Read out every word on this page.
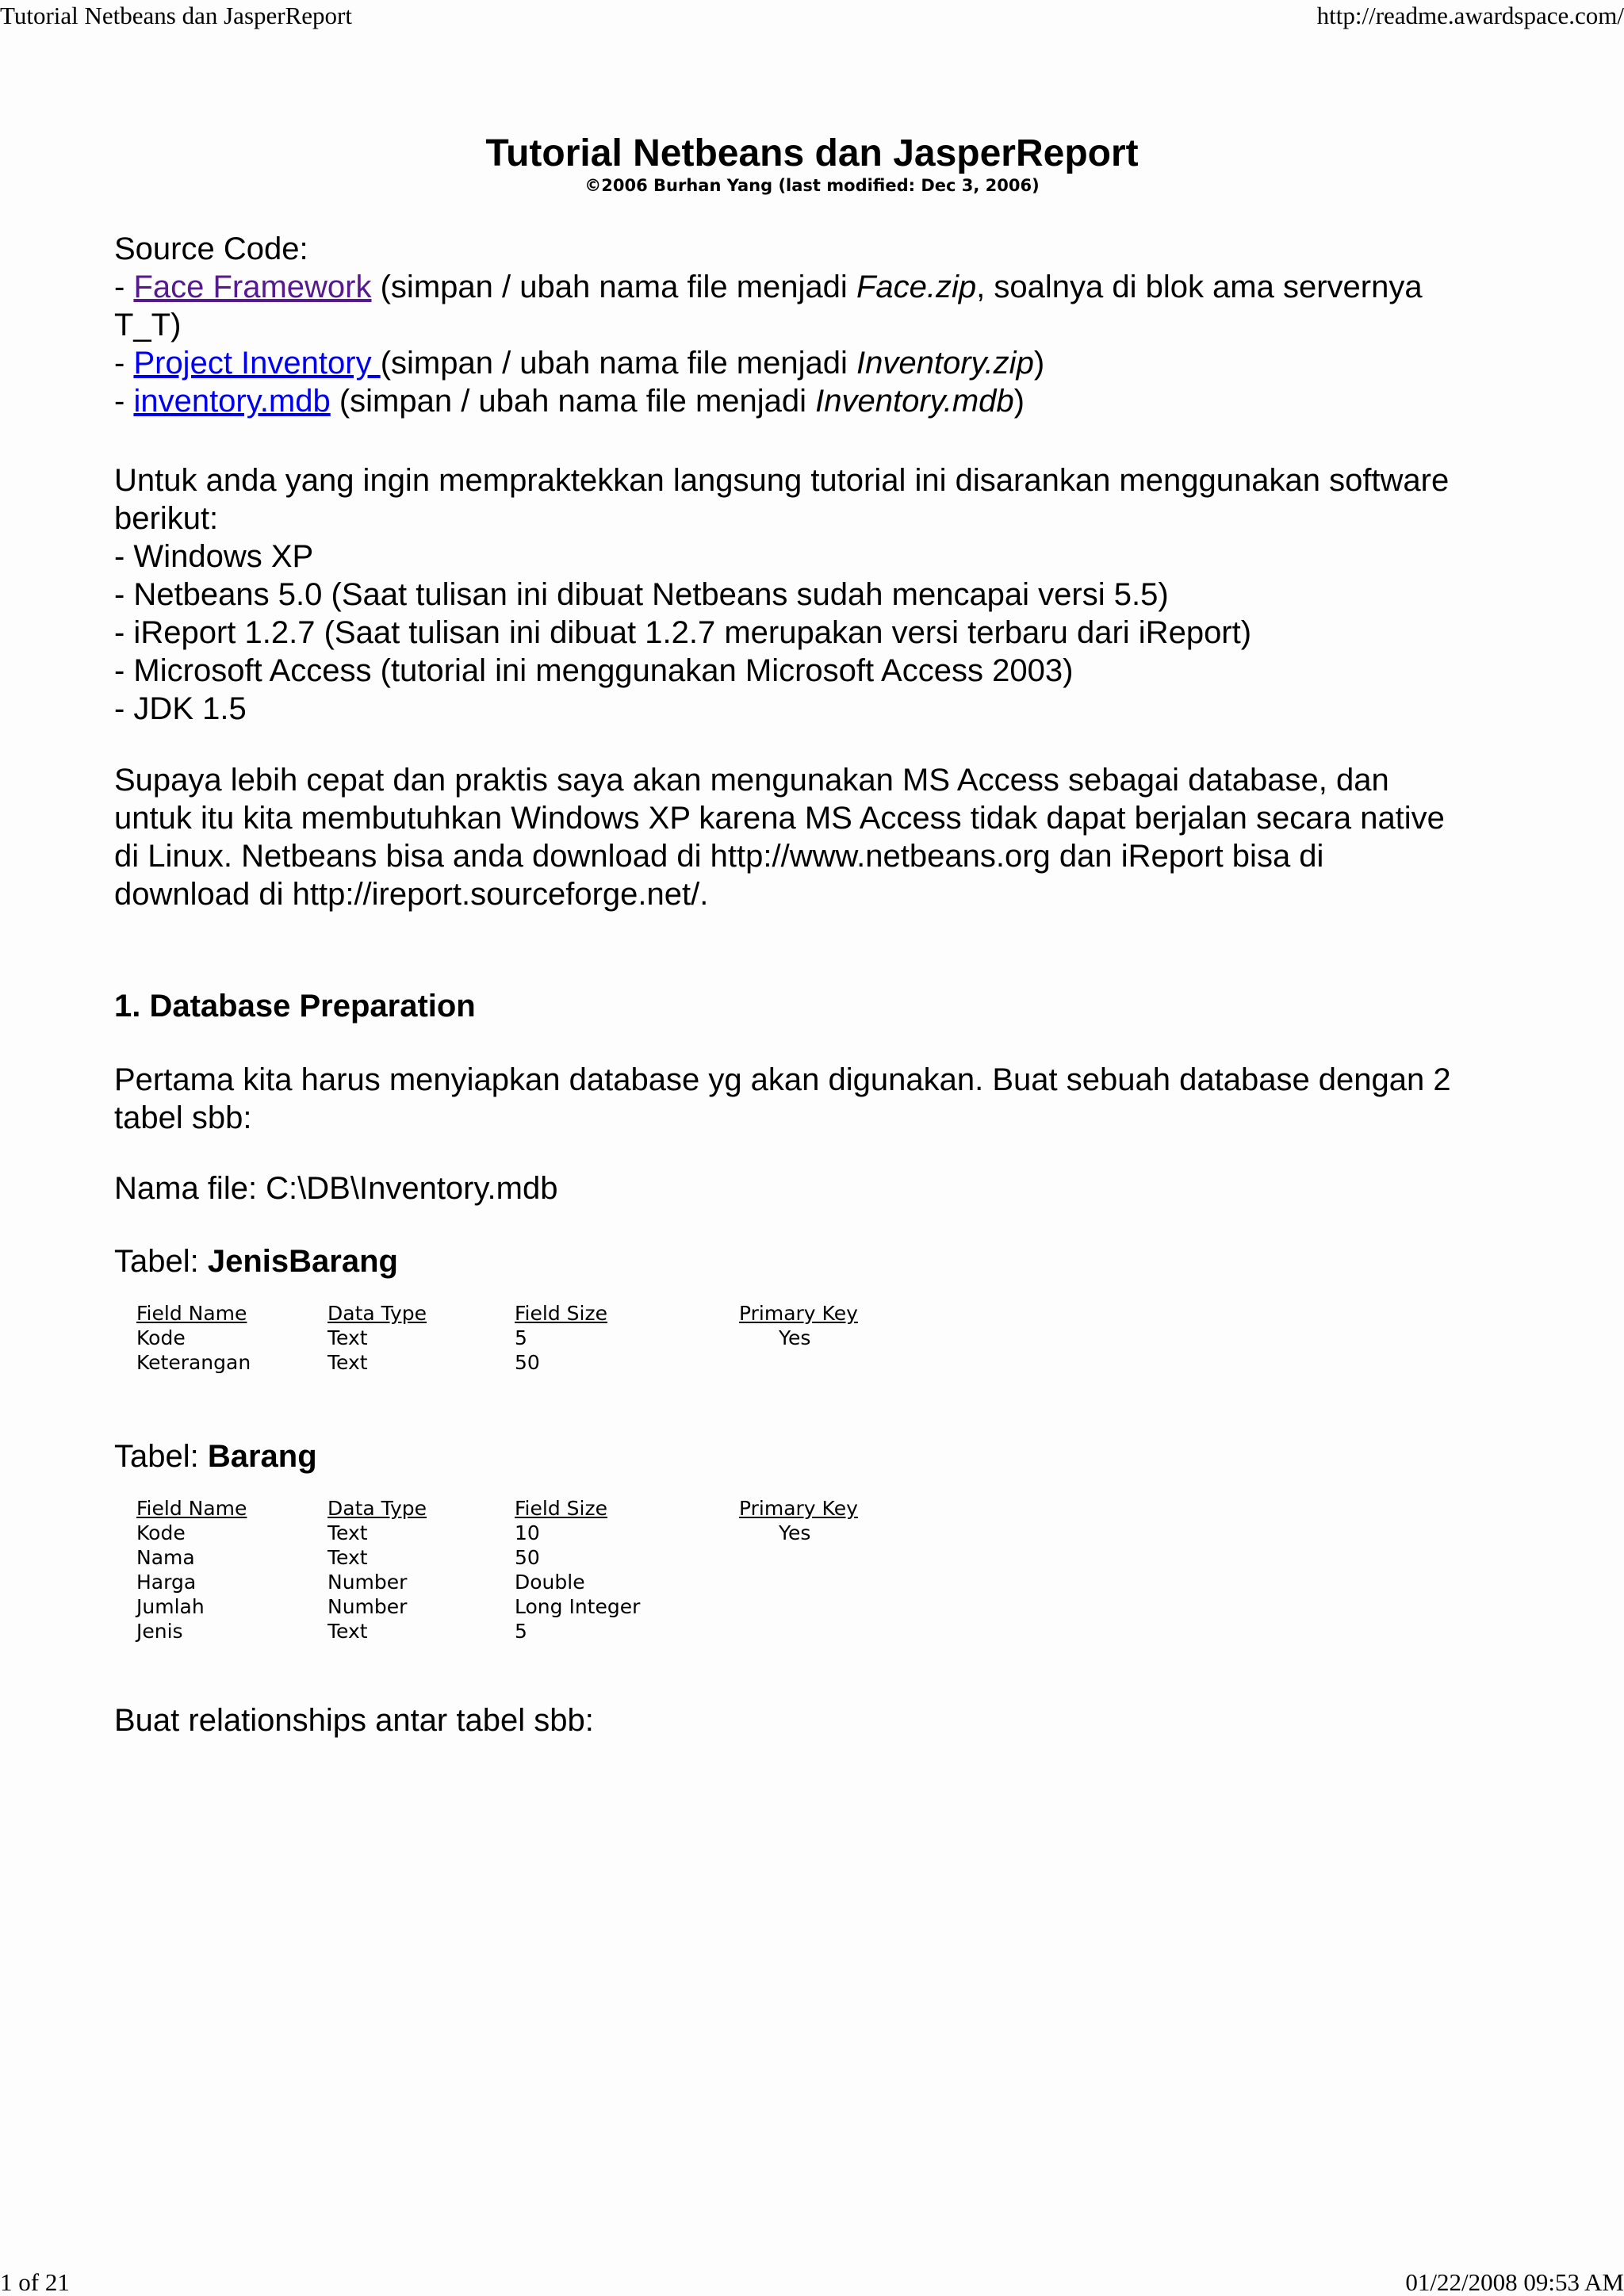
Tutorial Netbeans dan JasperReport	http://readme.awardspace.com/
Tutorial Netbeans dan JasperReport
©2006 Burhan Yang (last modified: Dec 3, 2006)
Source Code:
- Face Framework (simpan / ubah nama file menjadi Face.zip, soalnya di blok ama servernya
T_T)
- Project Inventory (simpan / ubah nama file menjadi Inventory.zip)
- inventory.mdb (simpan / ubah nama file menjadi Inventory.mdb)
Untuk anda yang ingin mempraktekkan langsung tutorial ini disarankan menggunakan software
berikut:
- Windows XP
- Netbeans 5.0 (Saat tulisan ini dibuat Netbeans sudah mencapai versi 5.5)
- iReport 1.2.7 (Saat tulisan ini dibuat 1.2.7 merupakan versi terbaru dari iReport)
- Microsoft Access (tutorial ini menggunakan Microsoft Access 2003)
- JDK 1.5
Supaya lebih cepat dan praktis saya akan mengunakan MS Access sebagai database, dan
untuk itu kita membutuhkan Windows XP karena MS Access tidak dapat berjalan secara native
di Linux. Netbeans bisa anda download di http://www.netbeans.org dan iReport bisa di
download di http://ireport.sourceforge.net/.
1. Database Preparation
Pertama kita harus menyiapkan database yg akan digunakan. Buat sebuah database dengan 2
tabel sbb:
Nama file: C:\DB\Inventory.mdb
Tabel: JenisBarang
Field Name	Data Type	Field Size	Primary Key
Kode	Text	5	Yes
Keterangan	Text	50
Tabel: Barang
Field Name	Data Type	Field Size	Primary Key
Kode	Text	10	Yes
Nama	Text	50
Harga	Number	Double
Jumlah	Number	Long Integer
Jenis	Text	5
Buat relationships antar tabel sbb:
1 of 21	01/22/2008 09:53 AM
